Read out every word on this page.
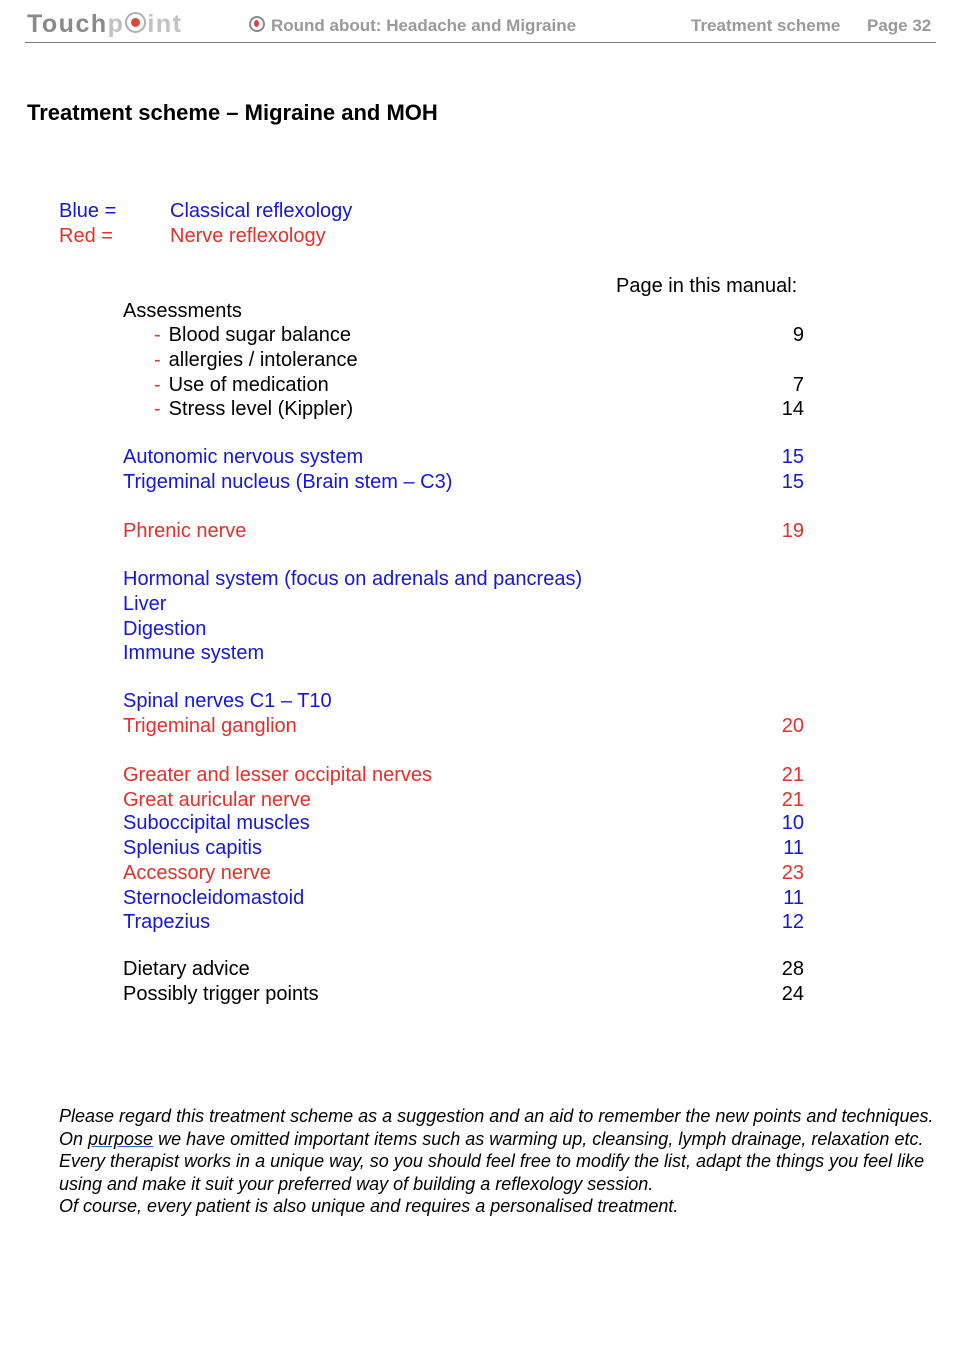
Touchp int	Round about: Headache and Migraine	Treatment scheme Page 32
Treatment scheme – Migraine and MOH
Blue =	Classical reflexology
Red =	Nerve reflexology
Page in this manual:
Assessments
- Blood sugar balance	9
- allergies / intolerance
- Use of medication	7
- Stress level (Kippler)	14
Autonomic nervous system	15
Trigeminal nucleus (Brain stem – C3)	15
Phrenic nerve	19
Hormonal system (focus on adrenals and pancreas)
Liver
Digestion
Immune system
Spinal nerves C1 – T10
Trigeminal ganglion	20
Greater and lesser occipital nerves	21
Great auricular nerve	21
Suboccipital muscles	10
Splenius capitis	11
Accessory nerve	23
Sternocleidomastoid	11
Trapezius	12
Dietary advice	28
Possibly trigger points	24

Please regard this treatment scheme as a suggestion and an aid to remember the new points and techniques.

On purpose we have omitted important items such as warming up, cleansing, lymph drainage, relaxation etc.

Every therapist works in a unique way, so you should feel free to modify the list, adapt the things you feel like using and make it suit your preferred way of building a reflexology session.

Of course, every patient is also unique and requires a personalised treatment.
